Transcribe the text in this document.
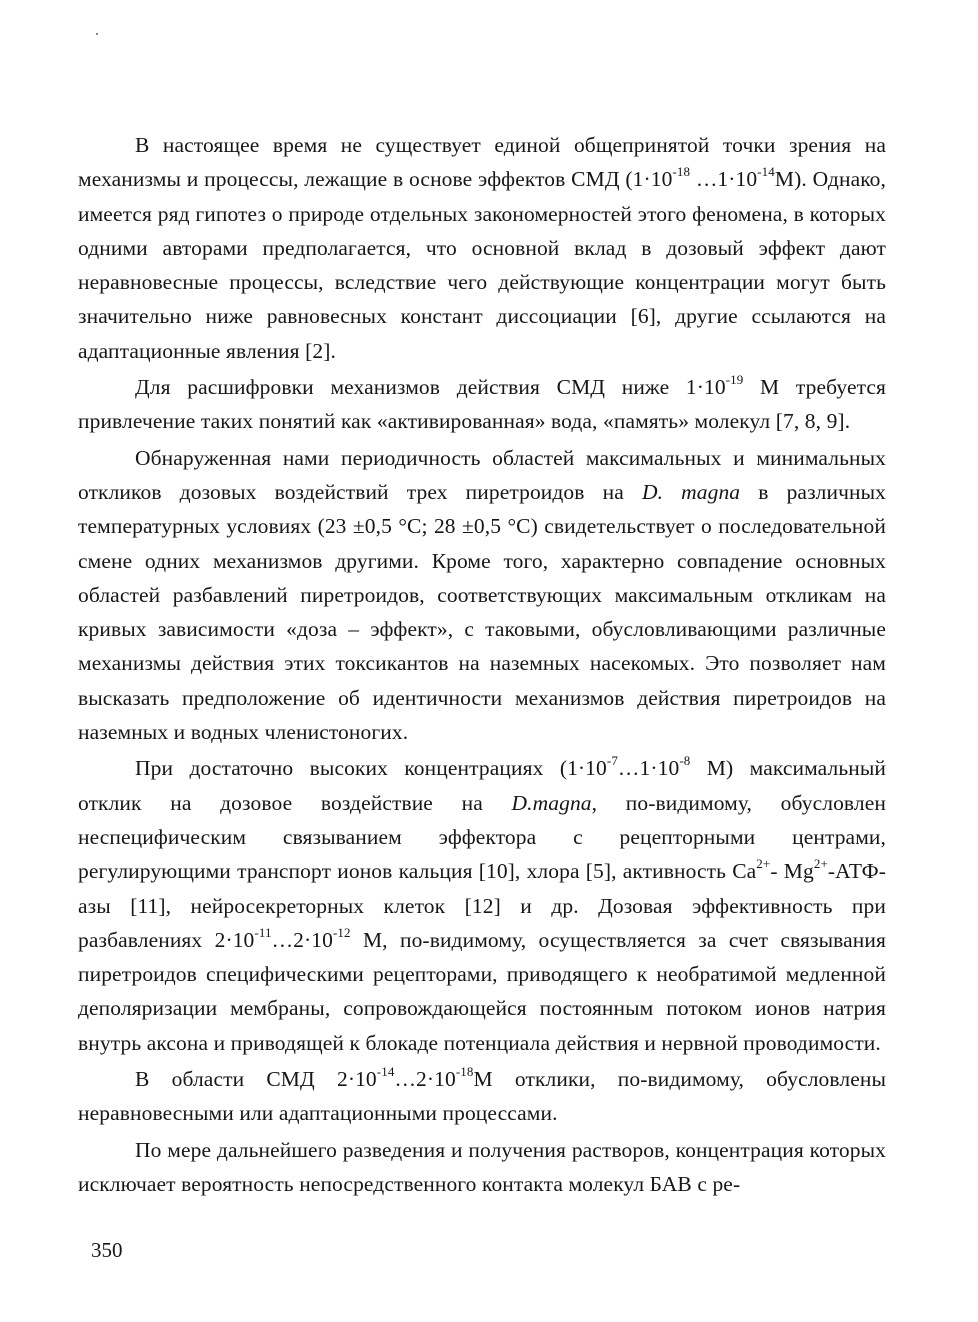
В настоящее время не существует единой общепринятой точки зрения на механизмы и процессы, лежащие в основе эффектов СМД ($1\cdot 10^{-18}$ $\dots 1\cdot 10^{-14}М$). Однако, имеется ряд гипотез о природе отдельных закономерностей этого феномена, в которых одними авторами предполагается, что основной вклад в дозовый эффект дают неравновесные процессы, вследствие чего действующие концентрации могут быть значительно ниже равновесных констант диссоциации [6], другие ссылаются на адаптационные явления [2].

Для расшифровки механизмов действия СМД ниже $1\cdot 10^{-19}$ М требуется привлечение таких понятий как «активированная» вода, «память» молекул [7, 8, 9].

Обнаруженная нами периодичность областей максимальных и минимальных откликов дозовых воздействий трех пиретроидов на D. magna в различных температурных условиях (23 ±0,5 °С; 28 ±0,5 °С) свидетельствует о последовательной смене одних механизмов другими. Кроме того, характерно совпадение основных областей разбавлений пиретроидов, соответствующих максимальным откликам на кривых зависимости «доза – эффект», с таковыми, обусловливающими различные механизмы действия этих токсикантов на наземных насекомых. Это позволяет нам высказать предположение об идентичности механизмов действия пиретроидов на наземных и водных членистоногих.

При достаточно высоких концентрациях ($1\cdot 10^{-7}\dots 1\cdot 10^{-8}$ М) максимальный отклик на дозовое воздействие на D.magna, по-видимому, обусловлен неспецифическим связыванием эффектора с рецепторными центрами, регулирующими транспорт ионов кальция [10], хлора [5], активность $Са^{2+}-$ $Mg^{2+}-АТФ$-азы [11], нейросекреторных клеток [12] и др. Дозовая эффективность при разбавлениях $2\cdot 10^{-11}\dots 2\cdot 10^{-12}$ М, по-видимому, осуществляется за счет связывания пиретроидов специфическими рецепторами, приводящего к необратимой медленной деполяризации мембраны, сопровождающейся постоянным потоком ионов натрия внутрь аксона и приводящей к блокаде потенциала действия и нервной проводимости.

В области СМД $2\cdot 10^{-14}\dots 2\cdot 10^{-18}М$ отклики, по-видимому, обусловлены неравновесными или адаптационными процессами.

По мере дальнейшего разведения и получения растворов, концентрация которых исключает вероятность непосредственного контакта молекул БАВ с ре-

350
